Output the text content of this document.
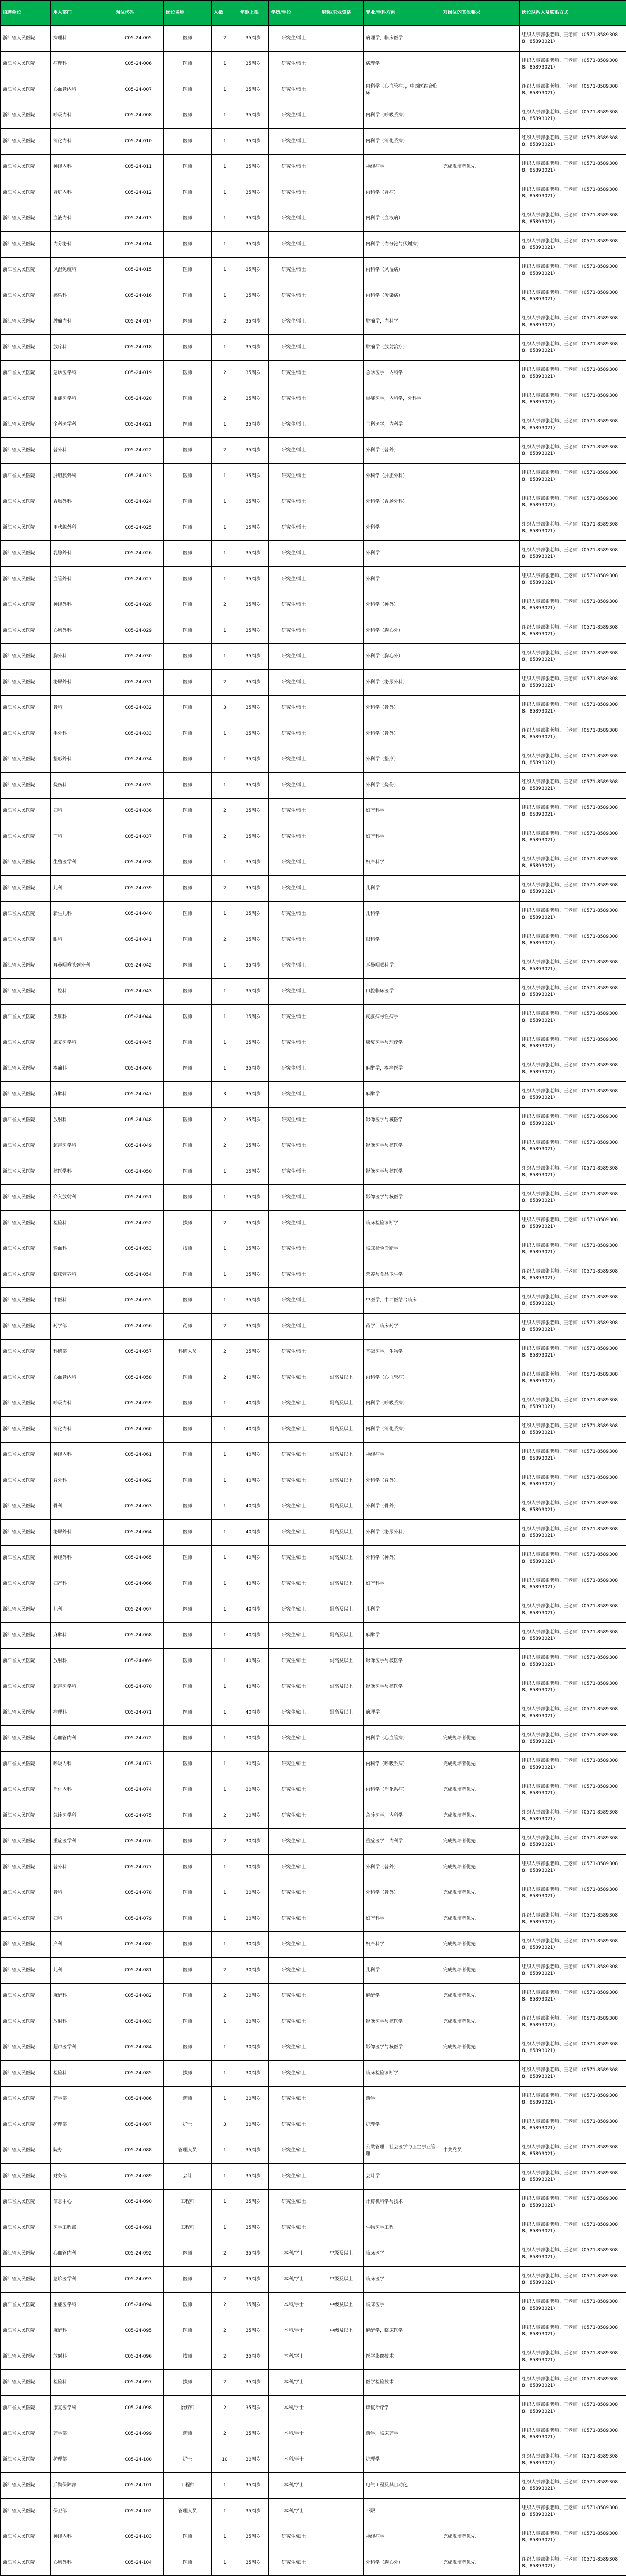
招聘单位	用人部门	岗位代码	岗位名称	人数	年龄上限	学历/学位	职称/职业资格	专业/学科方向	对岗位的其他要求	岗位联系人及联系方式
浙江省人民医院	病理科	C05-24-005	医师	2	35周岁	研究生/博士		病理学，临床医学		组织人事部张老师、王老师 （0571-85893088、85893021）
浙江省人民医院	病理科	C05-24-006	医师	1	35周岁	研究生/博士		病理学		组织人事部张老师、王老师 （0571-85893088、85893021）
浙江省人民医院	心血管内科	C05-24-007	医师	1	35周岁	研究生/博士		内科学（心血管病），中西医结合临床		组织人事部张老师、王老师 （0571-85893088、85893021）
浙江省人民医院	呼吸内科	C05-24-008	医师	1	35周岁	研究生/博士		内科学（呼吸系病）		组织人事部张老师、王老师 （0571-85893088、85893021）
浙江省人民医院	消化内科	C05-24-010	医师	1	35周岁	研究生/博士		内科学（消化系病）		组织人事部张老师、王老师 （0571-85893088、85893021）
浙江省人民医院	神经内科	C05-24-011	医师	1	35周岁	研究生/博士		神经病学	完成规培者优先	组织人事部张老师、王老师 （0571-85893088、85893021）
浙江省人民医院	肾脏内科	C05-24-012	医师	1	35周岁	研究生/博士		内科学（肾病）		组织人事部张老师、王老师 （0571-85893088、85893021）
浙江省人民医院	血液内科	C05-24-013	医师	1	35周岁	研究生/博士		内科学（血液病）		组织人事部张老师、王老师 （0571-85893088、85893021）
浙江省人民医院	内分泌科	C05-24-014	医师	1	35周岁	研究生/博士		内科学（内分泌与代谢病）		组织人事部张老师、王老师 （0571-85893088、85893021）
浙江省人民医院	风湿免疫科	C05-24-015	医师	1	35周岁	研究生/博士		内科学（风湿病）		组织人事部张老师、王老师 （0571-85893088、85893021）
浙江省人民医院	感染科	C05-24-016	医师	1	35周岁	研究生/博士		内科学（传染病）		组织人事部张老师、王老师 （0571-85893088、85893021）
浙江省人民医院	肿瘤内科	C05-24-017	医师	2	35周岁	研究生/博士		肿瘤学，内科学		组织人事部张老师、王老师 （0571-85893088、85893021）
浙江省人民医院	放疗科	C05-24-018	医师	1	35周岁	研究生/博士		肿瘤学（放射治疗）		组织人事部张老师、王老师 （0571-85893088、85893021）
浙江省人民医院	急诊医学科	C05-24-019	医师	2	35周岁	研究生/博士		急诊医学，内科学		组织人事部张老师、王老师 （0571-85893088、85893021）
浙江省人民医院	重症医学科	C05-24-020	医师	2	35周岁	研究生/博士		重症医学，内科学，外科学		组织人事部张老师、王老师 （0571-85893088、85893021）
浙江省人民医院	全科医学科	C05-24-021	医师	1	35周岁	研究生/博士		全科医学，内科学		组织人事部张老师、王老师 （0571-85893088、85893021）
浙江省人民医院	普外科	C05-24-022	医师	2	35周岁	研究生/博士		外科学（普外）		组织人事部张老师、王老师 （0571-85893088、85893021）
浙江省人民医院	肝胆胰外科	C05-24-023	医师	1	35周岁	研究生/博士		外科学（肝胆外科）		组织人事部张老师、王老师 （0571-85893088、85893021）
浙江省人民医院	胃肠外科	C05-24-024	医师	1	35周岁	研究生/博士		外科学（胃肠外科）		组织人事部张老师、王老师 （0571-85893088、85893021）
浙江省人民医院	甲状腺外科	C05-24-025	医师	1	35周岁	研究生/博士		外科学		组织人事部张老师、王老师 （0571-85893088、85893021）
浙江省人民医院	乳腺外科	C05-24-026	医师	1	35周岁	研究生/博士		外科学		组织人事部张老师、王老师 （0571-85893088、85893021）
浙江省人民医院	血管外科	C05-24-027	医师	1	35周岁	研究生/博士		外科学		组织人事部张老师、王老师 （0571-85893088、85893021）
浙江省人民医院	神经外科	C05-24-028	医师	2	35周岁	研究生/博士		外科学（神外）		组织人事部张老师、王老师 （0571-85893088、85893021）
浙江省人民医院	心胸外科	C05-24-029	医师	1	35周岁	研究生/博士		外科学（胸心外）		组织人事部张老师、王老师 （0571-85893088、85893021）
浙江省人民医院	胸外科	C05-24-030	医师	1	35周岁	研究生/博士		外科学（胸心外）		组织人事部张老师、王老师 （0571-85893088、85893021）
浙江省人民医院	泌尿外科	C05-24-031	医师	2	35周岁	研究生/博士		外科学（泌尿外科）		组织人事部张老师、王老师 （0571-85893088、85893021）
浙江省人民医院	骨科	C05-24-032	医师	3	35周岁	研究生/博士		外科学（骨外）		组织人事部张老师、王老师 （0571-85893088、85893021）
浙江省人民医院	手外科	C05-24-033	医师	1	35周岁	研究生/博士		外科学（骨外）		组织人事部张老师、王老师 （0571-85893088、85893021）
浙江省人民医院	整形外科	C05-24-034	医师	1	35周岁	研究生/博士		外科学（整形）		组织人事部张老师、王老师 （0571-85893088、85893021）
浙江省人民医院	烧伤科	C05-24-035	医师	1	35周岁	研究生/博士		外科学（烧伤）		组织人事部张老师、王老师 （0571-85893088、85893021）
浙江省人民医院	妇科	C05-24-036	医师	2	35周岁	研究生/博士		妇产科学		组织人事部张老师、王老师 （0571-85893088、85893021）
浙江省人民医院	产科	C05-24-037	医师	2	35周岁	研究生/博士		妇产科学		组织人事部张老师、王老师 （0571-85893088、85893021）
浙江省人民医院	生殖医学科	C05-24-038	医师	1	35周岁	研究生/博士		妇产科学		组织人事部张老师、王老师 （0571-85893088、85893021）
浙江省人民医院	儿科	C05-24-039	医师	2	35周岁	研究生/博士		儿科学		组织人事部张老师、王老师 （0571-85893088、85893021）
浙江省人民医院	新生儿科	C05-24-040	医师	1	35周岁	研究生/博士		儿科学		组织人事部张老师、王老师 （0571-85893088、85893021）
浙江省人民医院	眼科	C05-24-041	医师	2	35周岁	研究生/博士		眼科学		组织人事部张老师、王老师 （0571-85893088、85893021）
浙江省人民医院	耳鼻咽喉头颈外科	C05-24-042	医师	1	35周岁	研究生/博士		耳鼻咽喉科学		组织人事部张老师、王老师 （0571-85893088、85893021）
浙江省人民医院	口腔科	C05-24-043	医师	1	35周岁	研究生/博士		口腔临床医学		组织人事部张老师、王老师 （0571-85893088、85893021）
浙江省人民医院	皮肤科	C05-24-044	医师	1	35周岁	研究生/博士		皮肤病与性病学		组织人事部张老师、王老师 （0571-85893088、85893021）
浙江省人民医院	康复医学科	C05-24-045	医师	1	35周岁	研究生/博士		康复医学与理疗学		组织人事部张老师、王老师 （0571-85893088、85893021）
浙江省人民医院	疼痛科	C05-24-046	医师	1	35周岁	研究生/博士		麻醉学，疼痛医学		组织人事部张老师、王老师 （0571-85893088、85893021）
浙江省人民医院	麻醉科	C05-24-047	医师	3	35周岁	研究生/博士		麻醉学		组织人事部张老师、王老师 （0571-85893088、85893021）
浙江省人民医院	放射科	C05-24-048	医师	2	35周岁	研究生/博士		影像医学与核医学		组织人事部张老师、王老师 （0571-85893088、85893021）
浙江省人民医院	超声医学科	C05-24-049	医师	2	35周岁	研究生/博士		影像医学与核医学		组织人事部张老师、王老师 （0571-85893088、85893021）
浙江省人民医院	核医学科	C05-24-050	医师	1	35周岁	研究生/博士		影像医学与核医学		组织人事部张老师、王老师 （0571-85893088、85893021）
浙江省人民医院	介入放射科	C05-24-051	医师	1	35周岁	研究生/博士		影像医学与核医学		组织人事部张老师、王老师 （0571-85893088、85893021）
浙江省人民医院	检验科	C05-24-052	技师	2	35周岁	研究生/博士		临床检验诊断学		组织人事部张老师、王老师 （0571-85893088、85893021）
浙江省人民医院	输血科	C05-24-053	技师	1	35周岁	研究生/博士		临床检验诊断学		组织人事部张老师、王老师 （0571-85893088、85893021）
浙江省人民医院	临床营养科	C05-24-054	医师	1	35周岁	研究生/博士		营养与食品卫生学		组织人事部张老师、王老师 （0571-85893088、85893021）
浙江省人民医院	中医科	C05-24-055	医师	1	35周岁	研究生/博士		中医学，中西医结合临床		组织人事部张老师、王老师 （0571-85893088、85893021）
浙江省人民医院	药学部	C05-24-056	药师	2	35周岁	研究生/博士		药学，临床药学		组织人事部张老师、王老师 （0571-85893088、85893021）
浙江省人民医院	科研部	C05-24-057	科研人员	2	35周岁	研究生/博士		基础医学，生物学		组织人事部张老师、王老师 （0571-85893088、85893021）
浙江省人民医院	心血管内科	C05-24-058	医师	2	40周岁	研究生/硕士	副高及以上	内科学（心血管病）		组织人事部张老师、王老师 （0571-85893088、85893021）
浙江省人民医院	呼吸内科	C05-24-059	医师	1	40周岁	研究生/硕士	副高及以上	内科学（呼吸系病）		组织人事部张老师、王老师 （0571-85893088、85893021）
浙江省人民医院	消化内科	C05-24-060	医师	1	40周岁	研究生/硕士	副高及以上	内科学（消化系病）		组织人事部张老师、王老师 （0571-85893088、85893021）
浙江省人民医院	神经内科	C05-24-061	医师	1	40周岁	研究生/硕士	副高及以上	神经病学		组织人事部张老师、王老师 （0571-85893088、85893021）
浙江省人民医院	普外科	C05-24-062	医师	1	40周岁	研究生/硕士	副高及以上	外科学（普外）		组织人事部张老师、王老师 （0571-85893088、85893021）
浙江省人民医院	骨科	C05-24-063	医师	1	40周岁	研究生/硕士	副高及以上	外科学（骨外）		组织人事部张老师、王老师 （0571-85893088、85893021）
浙江省人民医院	泌尿外科	C05-24-064	医师	1	40周岁	研究生/硕士	副高及以上	外科学（泌尿外科）		组织人事部张老师、王老师 （0571-85893088、85893021）
浙江省人民医院	神经外科	C05-24-065	医师	1	40周岁	研究生/硕士	副高及以上	外科学（神外）		组织人事部张老师、王老师 （0571-85893088、85893021）
浙江省人民医院	妇产科	C05-24-066	医师	1	40周岁	研究生/硕士	副高及以上	妇产科学		组织人事部张老师、王老师 （0571-85893088、85893021）
浙江省人民医院	儿科	C05-24-067	医师	1	40周岁	研究生/硕士	副高及以上	儿科学		组织人事部张老师、王老师 （0571-85893088、85893021）
浙江省人民医院	麻醉科	C05-24-068	医师	1	40周岁	研究生/硕士	副高及以上	麻醉学		组织人事部张老师、王老师 （0571-85893088、85893021）
浙江省人民医院	放射科	C05-24-069	医师	1	40周岁	研究生/硕士	副高及以上	影像医学与核医学		组织人事部张老师、王老师 （0571-85893088、85893021）
浙江省人民医院	超声医学科	C05-24-070	医师	1	40周岁	研究生/硕士	副高及以上	影像医学与核医学		组织人事部张老师、王老师 （0571-85893088、85893021）
浙江省人民医院	病理科	C05-24-071	医师	1	40周岁	研究生/硕士	副高及以上	病理学		组织人事部张老师、王老师 （0571-85893088、85893021）
浙江省人民医院	心血管内科	C05-24-072	医师	1	30周岁	研究生/硕士		内科学（心血管病）	完成规培者优先	组织人事部张老师、王老师 （0571-85893088、85893021）
浙江省人民医院	呼吸内科	C05-24-073	医师	1	30周岁	研究生/硕士		内科学（呼吸系病）	完成规培者优先	组织人事部张老师、王老师 （0571-85893088、85893021）
浙江省人民医院	消化内科	C05-24-074	医师	1	30周岁	研究生/硕士		内科学（消化系病）	完成规培者优先	组织人事部张老师、王老师 （0571-85893088、85893021）
浙江省人民医院	急诊医学科	C05-24-075	医师	2	30周岁	研究生/硕士		急诊医学，内科学	完成规培者优先	组织人事部张老师、王老师 （0571-85893088、85893021）
浙江省人民医院	重症医学科	C05-24-076	医师	2	30周岁	研究生/硕士		重症医学，内科学	完成规培者优先	组织人事部张老师、王老师 （0571-85893088、85893021）
浙江省人民医院	普外科	C05-24-077	医师	1	30周岁	研究生/硕士		外科学（普外）	完成规培者优先	组织人事部张老师、王老师 （0571-85893088、85893021）
浙江省人民医院	骨科	C05-24-078	医师	1	30周岁	研究生/硕士		外科学（骨外）	完成规培者优先	组织人事部张老师、王老师 （0571-85893088、85893021）
浙江省人民医院	妇科	C05-24-079	医师	1	30周岁	研究生/硕士		妇产科学	完成规培者优先	组织人事部张老师、王老师 （0571-85893088、85893021）
浙江省人民医院	产科	C05-24-080	医师	1	30周岁	研究生/硕士		妇产科学	完成规培者优先	组织人事部张老师、王老师 （0571-85893088、85893021）
浙江省人民医院	儿科	C05-24-081	医师	2	30周岁	研究生/硕士		儿科学	完成规培者优先	组织人事部张老师、王老师 （0571-85893088、85893021）
浙江省人民医院	麻醉科	C05-24-082	医师	2	30周岁	研究生/硕士		麻醉学	完成规培者优先	组织人事部张老师、王老师 （0571-85893088、85893021）
浙江省人民医院	放射科	C05-24-083	医师	1	30周岁	研究生/硕士		影像医学与核医学	完成规培者优先	组织人事部张老师、王老师 （0571-85893088、85893021）
浙江省人民医院	超声医学科	C05-24-084	医师	1	30周岁	研究生/硕士		影像医学与核医学	完成规培者优先	组织人事部张老师、王老师 （0571-85893088、85893021）
浙江省人民医院	检验科	C05-24-085	技师	1	30周岁	研究生/硕士		临床检验诊断学		组织人事部张老师、王老师 （0571-85893088、85893021）
浙江省人民医院	药学部	C05-24-086	药师	1	30周岁	研究生/硕士		药学		组织人事部张老师、王老师 （0571-85893088、85893021）
浙江省人民医院	护理部	C05-24-087	护士	3	30周岁	研究生/硕士		护理学		组织人事部张老师、王老师 （0571-85893088、85893021）
浙江省人民医院	院办	C05-24-088	管理人员	1	35周岁	研究生/硕士		公共管理，社会医学与卫生事业管理	中共党员	组织人事部张老师、王老师 （0571-85893088、85893021）
浙江省人民医院	财务部	C05-24-089	会计	1	35周岁	研究生/硕士		会计学		组织人事部张老师、王老师 （0571-85893088、85893021）
浙江省人民医院	信息中心	C05-24-090	工程师	1	35周岁	研究生/硕士		计算机科学与技术		组织人事部张老师、王老师 （0571-85893088、85893021）
浙江省人民医院	医学工程部	C05-24-091	工程师	1	35周岁	研究生/硕士		生物医学工程		组织人事部张老师、王老师 （0571-85893088、85893021）
浙江省人民医院	心血管内科	C05-24-092	医师	2	35周岁	本科/学士	中级及以上	临床医学		组织人事部张老师、王老师 （0571-85893088、85893021）
浙江省人民医院	急诊医学科	C05-24-093	医师	2	35周岁	本科/学士	中级及以上	临床医学		组织人事部张老师、王老师 （0571-85893088、85893021）
浙江省人民医院	重症医学科	C05-24-094	医师	2	35周岁	本科/学士	中级及以上	临床医学		组织人事部张老师、王老师 （0571-85893088、85893021）
浙江省人民医院	麻醉科	C05-24-095	医师	2	35周岁	本科/学士	中级及以上	麻醉学，临床医学		组织人事部张老师、王老师 （0571-85893088、85893021）
浙江省人民医院	放射科	C05-24-096	技师	2	35周岁	本科/学士		医学影像技术		组织人事部张老师、王老师 （0571-85893088、85893021）
浙江省人民医院	检验科	C05-24-097	技师	2	35周岁	本科/学士		医学检验技术		组织人事部张老师、王老师 （0571-85893088、85893021）
浙江省人民医院	康复医学科	C05-24-098	治疗师	2	35周岁	本科/学士		康复治疗学		组织人事部张老师、王老师 （0571-85893088、85893021）
浙江省人民医院	药学部	C05-24-099	药师	2	35周岁	本科/学士		药学，临床药学		组织人事部张老师、王老师 （0571-85893088、85893021）
浙江省人民医院	护理部	C05-24-100	护士	10	30周岁	本科/学士		护理学		组织人事部张老师、王老师 （0571-85893088、85893021）
浙江省人民医院	后勤保障部	C05-24-101	工程师	1	35周岁	本科/学士		电气工程及其自动化		组织人事部张老师、王老师 （0571-85893088、85893021）
浙江省人民医院	保卫部	C05-24-102	管理人员	1	35周岁	本科/学士		不限		组织人事部张老师、王老师 （0571-85893088、85893021）
浙江省人民医院	神经内科	C05-24-103	医师	1	35周岁	研究生/硕士		神经病学	完成规培者优先	组织人事部张老师、王老师 （0571-85893088、85893021）
浙江省人民医院	心胸外科	C05-24-104	医师	1	35周岁	研究生/硕士		外科学（胸心外）	完成规培者优先	组织人事部张老师、王老师 （0571-85893088、85893021）
